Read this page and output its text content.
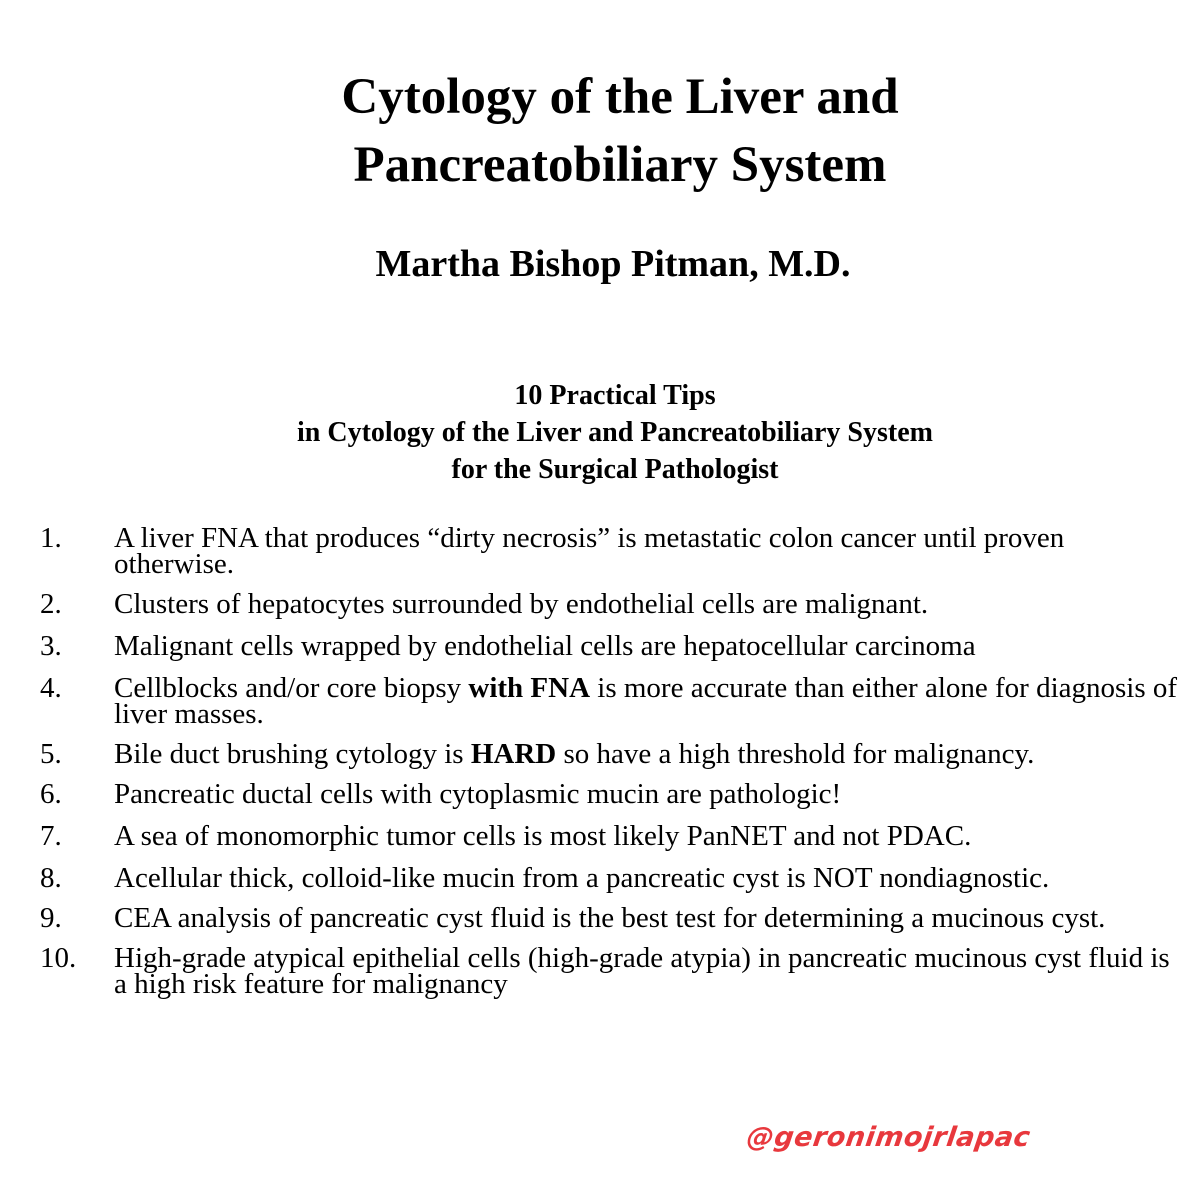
Cytology of the Liver and
Pancreatobiliary System
Martha Bishop Pitman, M.D.
10 Practical Tips
in Cytology of the Liver and Pancreatobiliary System
for the Surgical Pathologist
1. A liver FNA that produces “dirty necrosis” is metastatic colon cancer until proven otherwise.
2. Clusters of hepatocytes surrounded by endothelial cells are malignant.
3. Malignant cells wrapped by endothelial cells are hepatocellular carcinoma
4. Cellblocks and/or core biopsy with FNA is more accurate than either alone for diagnosis of liver masses.
5. Bile duct brushing cytology is HARD so have a high threshold for malignancy.
6. Pancreatic ductal cells with cytoplasmic mucin are pathologic!
7. A sea of monomorphic tumor cells is most likely PanNET and not PDAC.
8. Acellular thick, colloid-like mucin from a pancreatic cyst is NOT nondiagnostic.
9. CEA analysis of pancreatic cyst fluid is the best test for determining a mucinous cyst.
10. High-grade atypical epithelial cells (high-grade atypia) in pancreatic mucinous cyst fluid is a high risk feature for malignancy
@geronimojrlapac
